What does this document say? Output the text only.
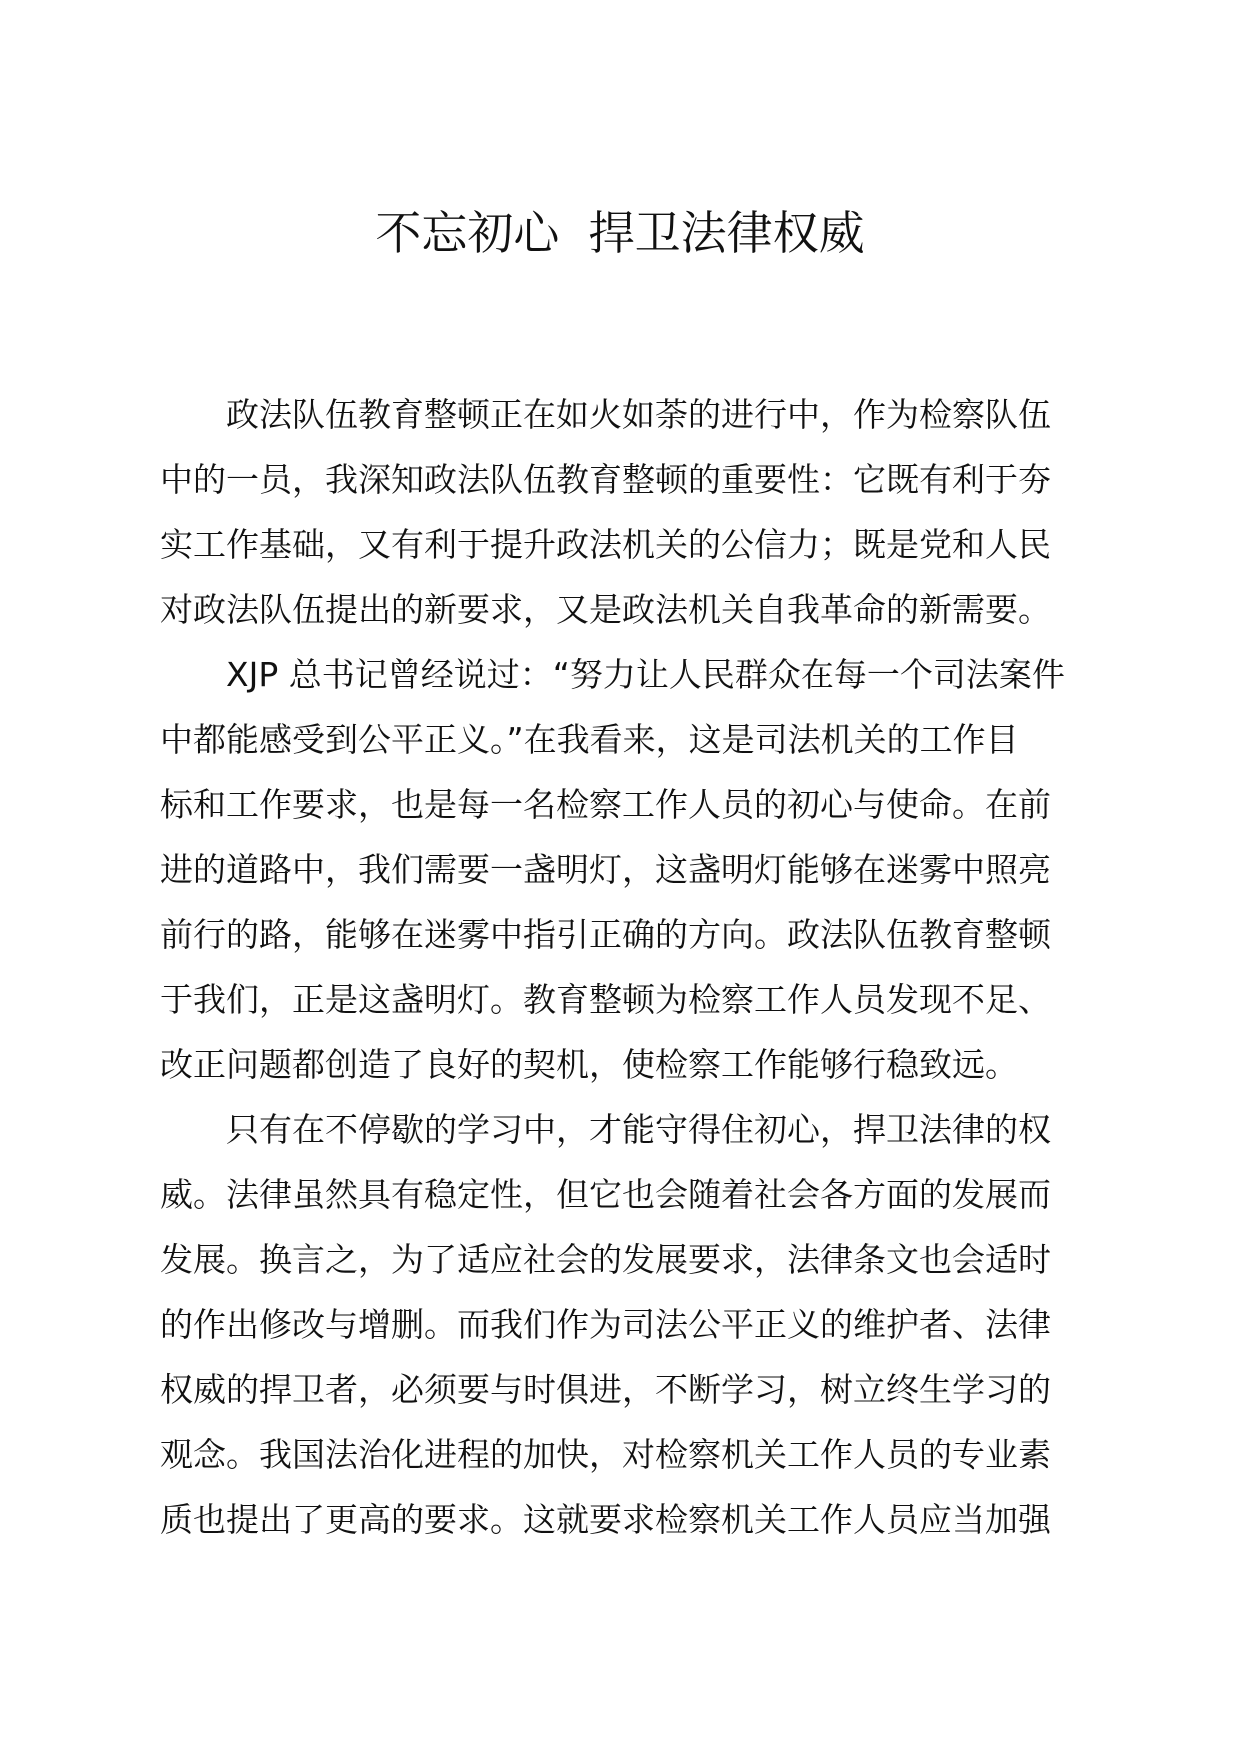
不忘初心  捍卫法律权威
政法队伍教育整顿正在如火如荼的进行中，作为检察队伍
中的一员，我深知政法队伍教育整顿的重要性：它既有利于夯
实工作基础，又有利于提升政法机关的公信力；既是党和人民
对政法队伍提出的新要求，又是政法机关自我革命的新需要。
XJP 总书记曾经说过：“努力让人民群众在每一个司法案件
中都能感受到公平正义。”在我看来，这是司法机关的工作目
标和工作要求，也是每一名检察工作人员的初心与使命。在前
进的道路中，我们需要一盏明灯，这盏明灯能够在迷雾中照亮
前行的路，能够在迷雾中指引正确的方向。政法队伍教育整顿
于我们，正是这盏明灯。教育整顿为检察工作人员发现不足、
改正问题都创造了良好的契机，使检察工作能够行稳致远。
只有在不停歇的学习中，才能守得住初心，捍卫法律的权
威。法律虽然具有稳定性，但它也会随着社会各方面的发展而
发展。换言之，为了适应社会的发展要求，法律条文也会适时
的作出修改与增删。而我们作为司法公平正义的维护者、法律
权威的捍卫者，必须要与时俱进，不断学习，树立终生学习的
观念。我国法治化进程的加快，对检察机关工作人员的专业素
质也提出了更高的要求。这就要求检察机关工作人员应当加强
